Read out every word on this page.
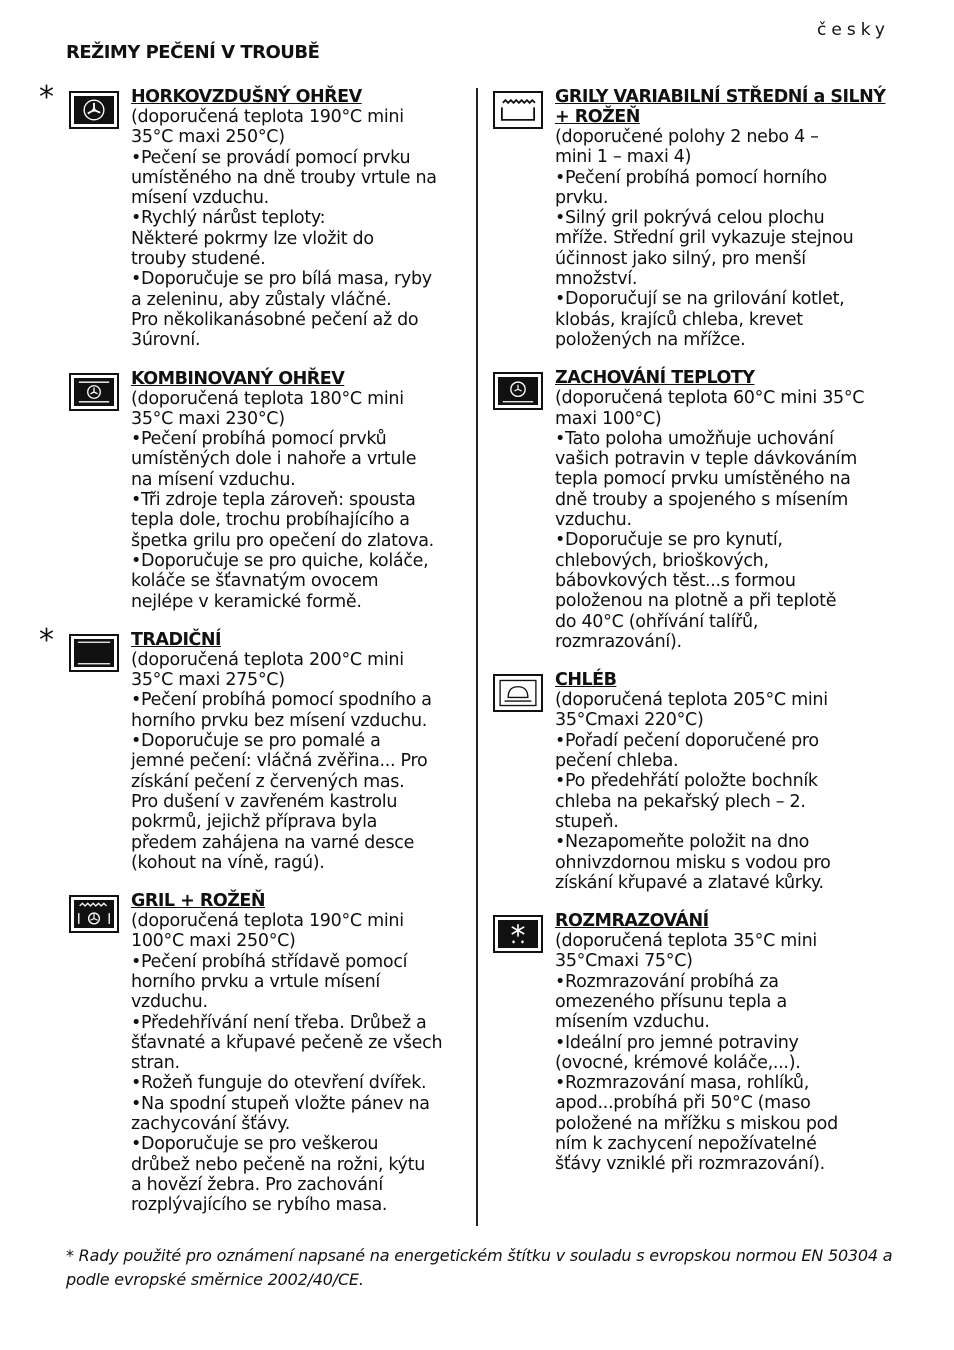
česky
REŽIMY PEČENÍ V TROUBĚ
*	HORKOVZDUŠNÝ OHŘEV
(doporučená teplota 190°C mini
35°C maxi 250°C)
•Pečení se provádí pomocí prvku
umístěného na dně trouby vrtule na
mísení vzduchu.
•Rychlý nárůst teploty:
Některé pokrmy lze vložit do
trouby studené.
•Doporučuje se pro bílá masa, ryby
a zeleninu, aby zůstaly vláčné.
Pro několikanásobné pečení až do
3úrovní.
KOMBINOVANÝ OHŘEV
(doporučená teplota 180°C mini
35°C maxi 230°C)
•Pečení probíhá pomocí prvků
umístěných dole i nahoře a vrtule
na mísení vzduchu.
•Tři zdroje tepla zároveň: spousta
tepla dole, trochu probíhajícího a
špetka grilu pro opečení do zlatova.
•Doporučuje se pro quiche, koláče,
koláče se šťavnatým ovocem
nejlépe v keramické formě.
*	TRADIČNÍ
(doporučená teplota 200°C mini
35°C maxi 275°C)
•Pečení probíhá pomocí spodního a
horního prvku bez mísení vzduchu.
•Doporučuje se pro pomalé a
jemné pečení: vláčná zvěřina... Pro
získání pečení z červených mas.
Pro dušení v zavřeném kastrolu
pokrmů, jejichž příprava byla
předem zahájena na varné desce
(kohout na víně, ragú).
GRIL + ROŽEŇ
(doporučená teplota 190°C mini
100°C maxi 250°C)
•Pečení probíhá střídavě pomocí
horního prvku a vrtule mísení
vzduchu.
•Předehřívání není třeba. Drůbež a
šťavnaté a křupavé pečeně ze všech
stran.
•Rožeň funguje do otevření dvířek.
•Na spodní stupeň vložte pánev na
zachycování šťávy.
•Doporučuje se pro veškerou
drůbež nebo pečeně na rožni, kýtu
a hovězí žebra. Pro zachování
rozplývajícího se rybího masa.
GRILY VARIABILNÍ STŘEDNÍ a SILNÝ
+ ROŽEŇ
(doporučené polohy 2 nebo 4 –
mini 1 – maxi 4)
•Pečení probíhá pomocí horního
prvku.
•Silný gril pokrývá celou plochu
mříže. Střední gril vykazuje stejnou
účinnost jako silný, pro menší
množství.
•Doporučují se na grilování kotlet,
klobás, krajíců chleba, krevet
položených na mřížce.
ZACHOVÁNÍ TEPLOTY
(doporučená teplota 60°C mini 35°C
maxi 100°C)
•Tato poloha umožňuje uchování
vašich potravin v teple dávkováním
tepla pomocí prvku umístěného na
dně trouby a spojeného s mísením
vzduchu.
•Doporučuje se pro kynutí,
chlebových, brioškových,
bábovkových těst...s formou
položenou na plotně a při teplotě
do 40°C (ohřívání talířů,
rozmrazování).
CHLÉB
(doporučená teplota 205°C mini
35°Cmaxi 220°C)
•Pořadí pečení doporučené pro
pečení chleba.
•Po předehřátí položte bochník
chleba na pekařský plech – 2.
stupeň.
•Nezapomeňte položit na dno
ohnivzdornou misku s vodou pro
získání křupavé a zlatavé kůrky.
ROZMRAZOVÁNÍ
(doporučená teplota 35°C mini
35°Cmaxi 75°C)
•Rozmrazování probíhá za
omezeného přísunu tepla a
mísením vzduchu.
•Ideální pro jemné potraviny
(ovocné, krémové koláče,...).
•Rozmrazování masa, rohlíků,
apod...probíhá při 50°C (maso
položené na mřížku s miskou pod
ním k zachycení nepožívatelné
šťávy vzniklé při rozmrazování).
* Rady použité pro oznámení napsané na energetickém štítku v souladu s evropskou normou EN 50304 a podle evropské směrnice 2002/40/CE.
